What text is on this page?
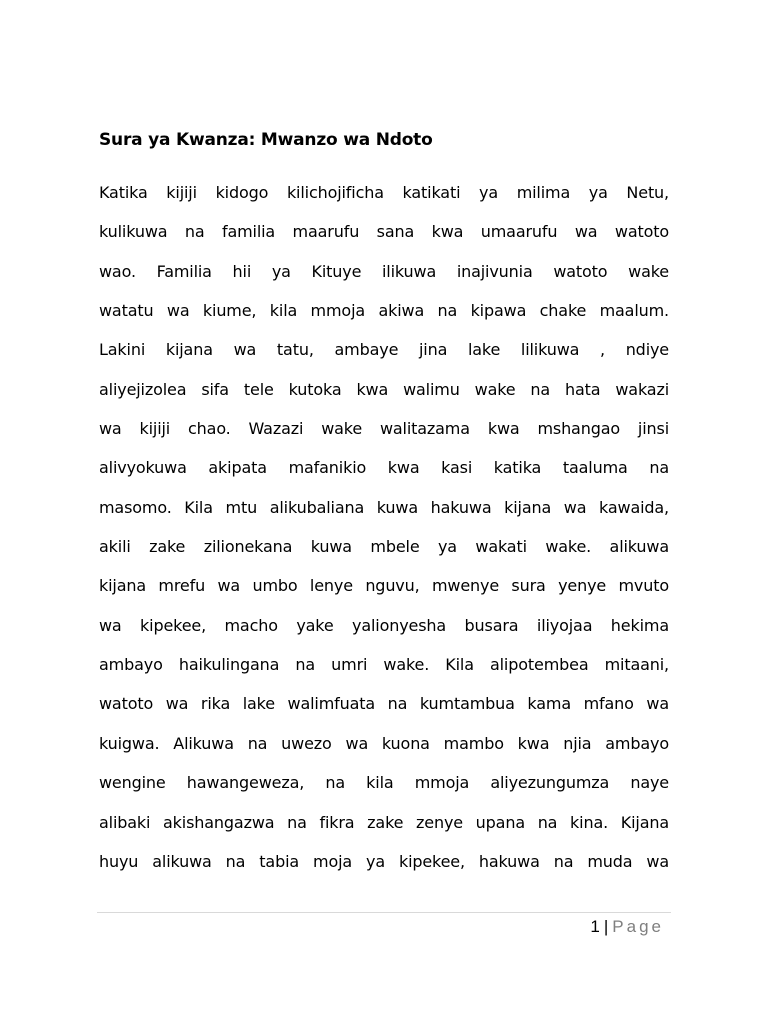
Sura ya Kwanza: Mwanzo wa Ndoto
Katika kijiji kidogo kilichojificha katikati ya milima ya Netu,
kulikuwa na familia maarufu sana kwa umaarufu wa watoto
wao. Familia hii ya Kituye ilikuwa inajivunia watoto wake
watatu wa kiume, kila mmoja akiwa na kipawa chake maalum.
Lakini kijana wa tatu, ambaye jina lake lilikuwa , ndiye
aliyejizolea sifa tele kutoka kwa walimu wake na hata wakazi
wa kijiji chao. Wazazi wake walitazama kwa mshangao jinsi
alivyokuwa akipata mafanikio kwa kasi katika taaluma na
masomo. Kila mtu alikubaliana kuwa hakuwa kijana wa kawaida,
akili zake zilionekana kuwa mbele ya wakati wake. alikuwa
kijana mrefu wa umbo lenye nguvu, mwenye sura yenye mvuto
wa kipekee, macho yake yalionyesha busara iliyojaa hekima
ambayo haikulingana na umri wake. Kila alipotembea mitaani,
watoto wa rika lake walimfuata na kumtambua kama mfano wa
kuigwa. Alikuwa na uwezo wa kuona mambo kwa njia ambayo
wengine hawangeweza, na kila mmoja aliyezungumza naye
alibaki akishangazwa na fikra zake zenye upana na kina. Kijana
huyu alikuwa na tabia moja ya kipekee, hakuwa na muda wa
1 | Page
